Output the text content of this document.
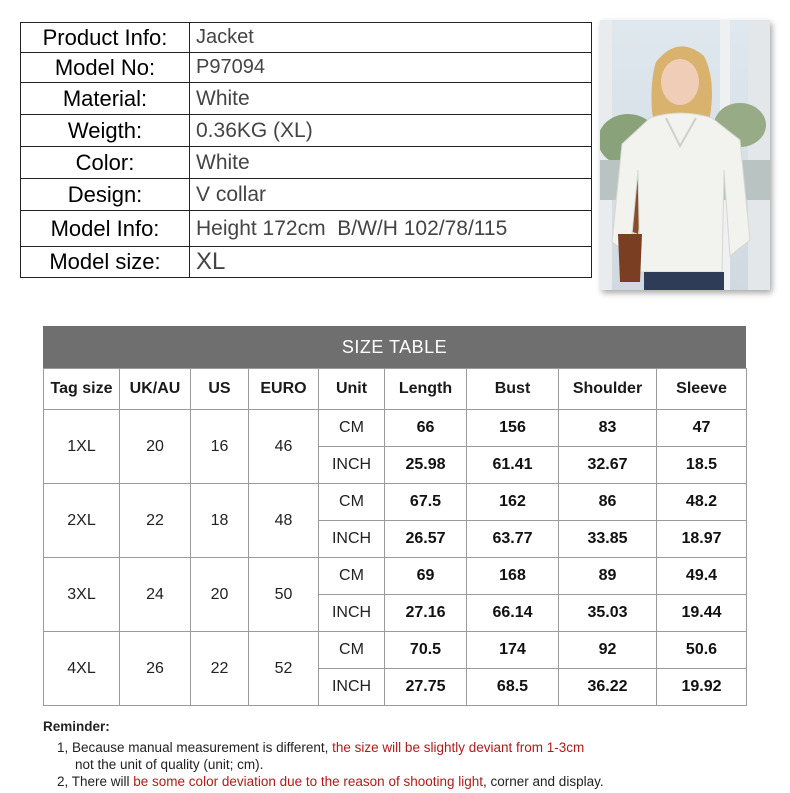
Product Info:	Jacket
Model No:	P97094
Material:	White
Weigth:	0.36KG (XL)
Color:	White
Design:	V collar
Model Info:	Height 172cm  B/W/H 102/78/115
Model size:	XL
SIZE TABLE
Tag size	UK/AU	US	EURO	Unit	Length	Bust	Shoulder	Sleeve
1XL	20	16	46	CM	66	156	83	47
				INCH	25.98	61.41	32.67	18.5
2XL	22	18	48	CM	67.5	162	86	48.2
				INCH	26.57	63.77	33.85	18.97
3XL	24	20	50	CM	69	168	89	49.4
				INCH	27.16	66.14	35.03	19.44
4XL	26	22	52	CM	70.5	174	92	50.6
				INCH	27.75	68.5	36.22	19.92
Reminder:
1, Because manual measurement is different, the size will be slightly deviant from 1-3cm
not the unit of quality (unit; cm).
2, There will be some color deviation due to the reason of shooting light, corner and display.
